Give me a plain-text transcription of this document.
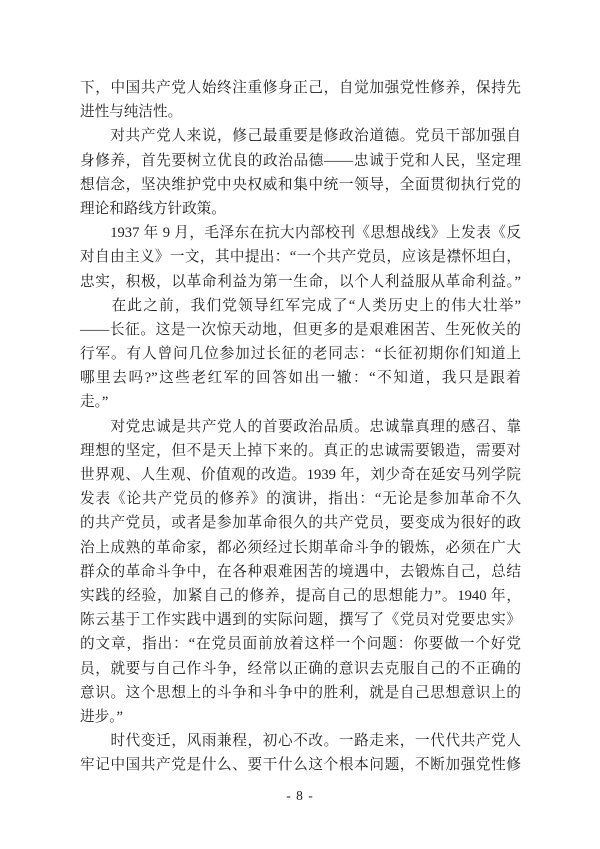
下，中国共产党人始终注重修身正己，自觉加强党性修养，保持先
进性与纯洁性。
　　对共产党人来说，修己最重要是修政治道德。党员干部加强自
身修养，首先要树立优良的政治品德——忠诚于党和人民，坚定理
想信念，坚决维护党中央权威和集中统一领导，全面贯彻执行党的
理论和路线方针政策。
　　1937 年 9 月，毛泽东在抗大内部校刊《思想战线》上发表《反
对自由主义》一文，其中提出：“一个共产党员，应该是襟怀坦白，
忠实，积极，以革命利益为第一生命，以个人利益服从革命利益。”
　　在此之前，我们党领导红军完成了“人类历史上的伟大壮举”
——长征。这是一次惊天动地，但更多的是艰难困苦、生死攸关的
行军。有人曾问几位参加过长征的老同志：“长征初期你们知道上
哪里去吗?”这些老红军的回答如出一辙：“不知道，我只是跟着
走。”
　　对党忠诚是共产党人的首要政治品质。忠诚靠真理的感召、靠
理想的坚定，但不是天上掉下来的。真正的忠诚需要锻造，需要对
世界观、人生观、价值观的改造。1939 年，刘少奇在延安马列学院
发表《论共产党员的修养》的演讲，指出：“无论是参加革命不久
的共产党员，或者是参加革命很久的共产党员，要变成为很好的政
治上成熟的革命家，都必须经过长期革命斗争的锻炼，必须在广大
群众的革命斗争中，在各种艰难困苦的境遇中，去锻炼自己，总结
实践的经验，加紧自己的修养，提高自己的思想能力”。1940 年，
陈云基于工作实践中遇到的实际问题，撰写了《党员对党要忠实》
的文章，指出：“在党员面前放着这样一个问题：你要做一个好党
员，就要与自己作斗争，经常以正确的意识去克服自己的不正确的
意识。这个思想上的斗争和斗争中的胜利，就是自己思想意识上的
进步。”
　　时代变迁，风雨兼程，初心不改。一路走来，一代代共产党人
牢记中国共产党是什么、要干什么这个根本问题，不断加强党性修
- 8 -
